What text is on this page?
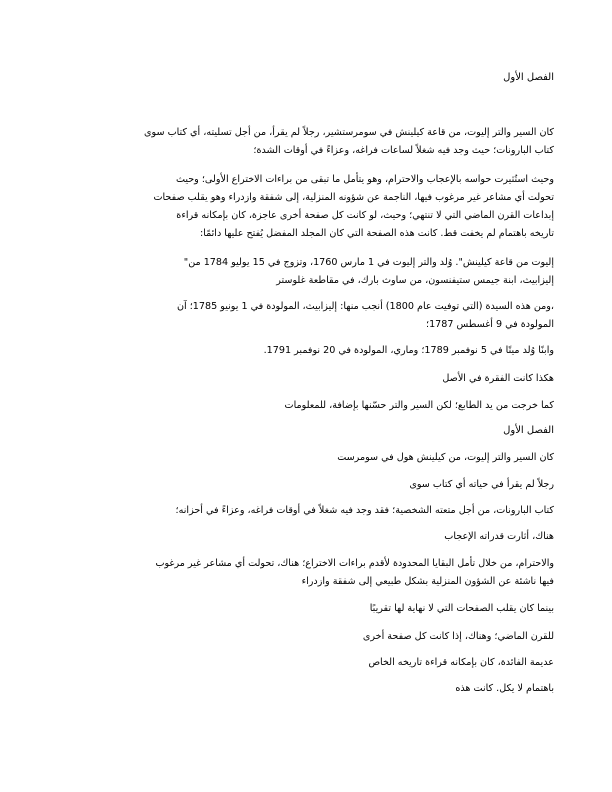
الفصل الأول
كان السير والتر إليوت، من قاعة كيلينش في سومرستشير، رجلاً لم يقرأ، من أجل تسليته، أي كتاب سوى
كتاب البارونات؛ حيث وجد فيه شغلاً لساعات فراغه، وعزاءً في أوقات الشدة؛
وحيث استُثيرت حواسه بالإعجاب والاحترام، وهو يتأمل ما تبقى من براءات الاختراع الأولى؛ وحيث
تحولت أي مشاعر غير مرغوب فيها، الناجمة عن شؤونه المنزلية، إلى شفقة وازدراء وهو يقلب صفحات
إبداعات القرن الماضي التي لا تنتهي؛ وحيث، لو كانت كل صفحة أخرى عاجزة، كان بإمكانه قراءة
تاريخه باهتمام لم يخفت قط. كانت هذه الصفحة التي كان المجلد المفضل يُفتح عليها دائمًا:
إليوت من قاعة كيلينش". وُلد والتر إليوت في 1 مارس 1760، وتزوج في 15 يوليو 1784 من"
إليزابيث، ابنة جيمس ستيفنسون، من ساوث بارك، في مقاطعة غلوستر
،ومن هذه السيدة (التي توفيت عام 1800) أنجب منها: إليزابيث، المولودة في 1 يونيو 1785؛ آن
المولودة في 9 أغسطس 1787؛
وابنًا وُلد ميتًا في 5 نوفمبر 1789؛ وماري، المولودة في 20 نوفمبر 1791.
هكذا كانت الفقرة في الأصل
كما خرجت من يد الطابع؛ لكن السير والتر حسّنها بإضافة، للمعلومات
الفصل الأول
كان السير والتر إليوت، من كيلينش هول في سومرست
رجلاً لم يقرأ في حياته أي كتاب سوى
كتاب البارونات، من أجل متعته الشخصية؛ فقد وجد فيه شغلاً في أوقات فراغه، وعزاءً في أحزانه؛
هناك، أثارت قدراته الإعجاب
والاحترام، من خلال تأمل البقايا المحدودة لأقدم براءات الاختراع؛ هناك، تحولت أي مشاعر غير مرغوب
فيها ناشئة عن الشؤون المنزلية بشكل طبيعي إلى شفقة وازدراء
بينما كان يقلب الصفحات التي لا نهاية لها تقريبًا
للقرن الماضي؛ وهناك، إذا كانت كل صفحة أخرى
عديمة الفائدة، كان بإمكانه قراءة تاريخه الخاص
باهتمام لا يكل. كانت هذه
